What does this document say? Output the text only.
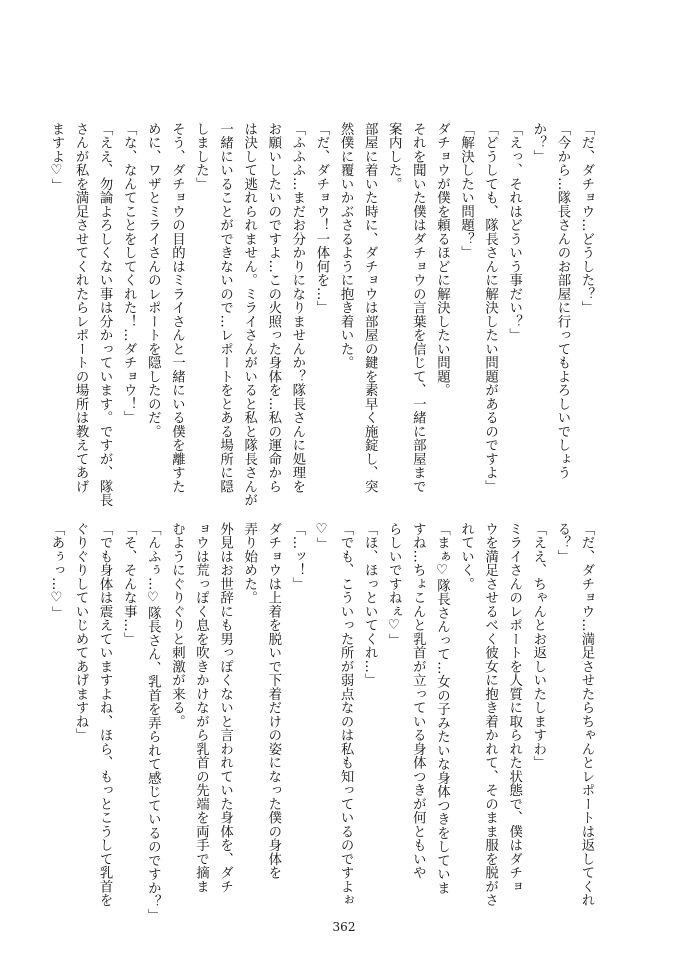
「だ、ダチョウ…どうした？」
「今から…隊長さんのお部屋に行ってもよろしいでしょう
か？」
「えっ、それはどういう事だい？」
「どうしても、隊長さんに解決したい問題があるのですよ」
「解決したい問題？」
ダチョウが僕を頼るほどに解決したい問題。
それを聞いた僕はダチョウの言葉を信じて、一緒に部屋まで
案内した。
部屋に着いた時に、ダチョウは部屋の鍵を素早く施錠し、突
然僕に覆いかぶさるように抱き着いた。
「だ、ダチョウ！一体何を…」
「ふふふ…まだお分かりになりませんか？隊長さんに処理を
お願いしたいのですよ…この火照った身体を…私の運命から
は決して逃れられません。ミライさんがいると私と隊長さんが
一緒にいることができないので…レポートをとある場所に隠
しました」
そう、ダチョウの目的はミライさんと一緒にいる僕を離すた
めに、ワザとミライさんのレポートを隠したのだ。
「な、なんてことをしてくれた！…ダチョウ！」
「ええ、勿論よろしくない事は分かっています。ですが、隊長
さんが私を満足させてくれたらレポートの場所は教えてあげ
ますよ♡」
「だ、ダチョウ…満足させたらちゃんとレポートは返してくれ
る？」
「ええ、ちゃんとお返しいたしますわ」
ミライさんのレポートを人質に取られた状態で、僕はダチョ
ウを満足させるべく彼女に抱き着かれて、そのまま服を脱がさ
れていく。
「まぁ♡隊長さんって…女の子みたいな身体つきをしていま
すね…ちょこんと乳首が立っている身体つきが何ともいや
らしいですねぇ♡」
「ほ、ほっといてくれ…」
「でも、こういった所が弱点なのは私も知っているのですよぉ
♡」
「…ッ！」
ダチョウは上着を脱いで下着だけの姿になった僕の身体を
弄り始めた。
外見はお世辞にも男っぽくないと言われていた身体を、ダチ
ョウは荒っぽく息を吹きかけながら乳首の先端を両手で摘ま
むようにぐりぐりと刺激が来る。
「んふぅ…♡隊長さん、乳首を弄られて感じているのですか？」
「そ、そんな事…」
「でも身体は震えていますよね、ほら、もっとこうして乳首を
ぐりぐりしていじめてあげますね」
「あぅっ…♡」
362
